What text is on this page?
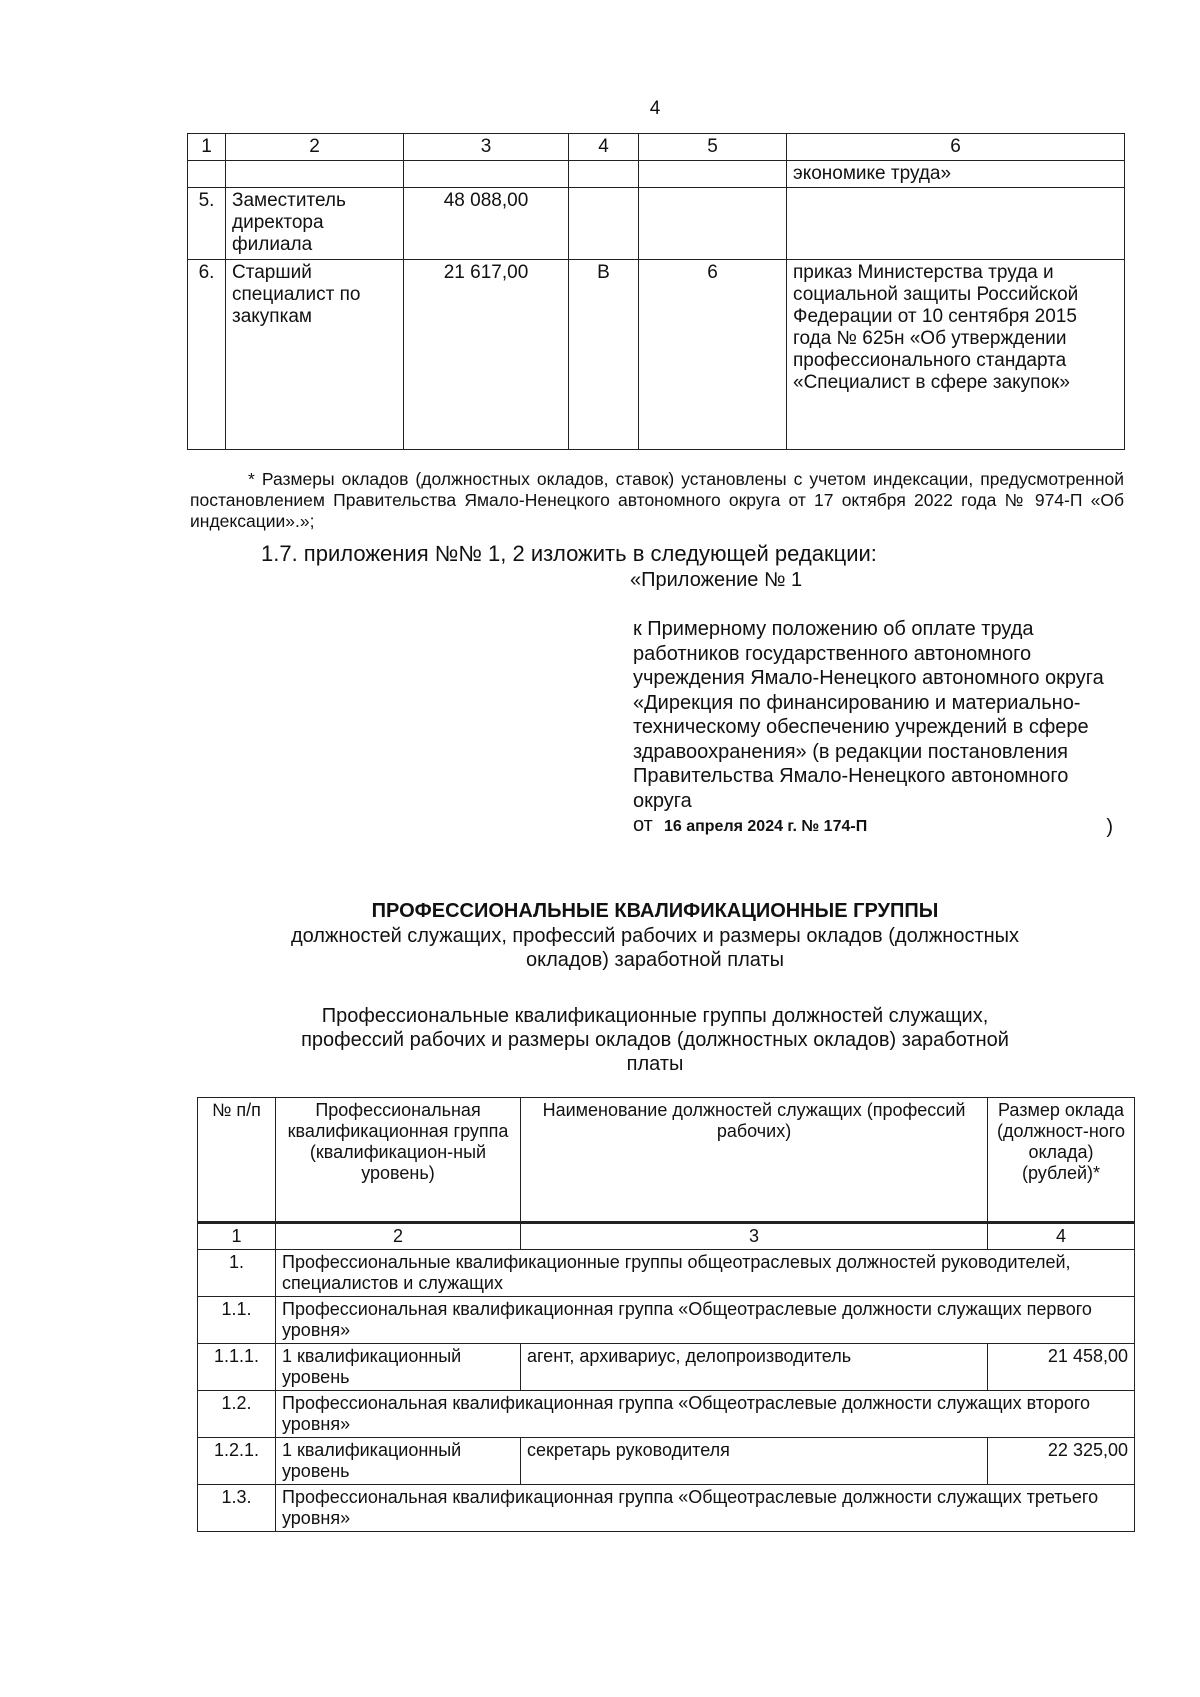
4
1	2	3	4	5	6
					экономике труда»
5.	Заместитель директора филиала	48 088,00			
6.	Старший специалист по закупкам	21 617,00	В	6	приказ Министерства труда и социальной защиты Российской Федерации от 10 сентября 2015 года № 625н «Об утверждении профессионального стандарта «Специалист в сфере закупок»
* Размеры окладов (должностных окладов, ставок) установлены с учетом индексации, предусмотренной постановлением Правительства Ямало-Ненецкого автономного округа от 17 октября 2022 года № 974-П «Об индексации».»;
1.7. приложения №№ 1, 2 изложить в следующей редакции:
«Приложение № 1
к Примерному положению об оплате труда работников государственного автономного учреждения Ямало-Ненецкого автономного округа «Дирекция по финансированию и материально-техническому обеспечению учреждений в сфере здравоохранения» (в редакции постановления Правительства Ямало-Ненецкого автономного округа
от 16 апреля 2024 г. № 174-П	)
ПРОФЕССИОНАЛЬНЫЕ КВАЛИФИКАЦИОННЫЕ ГРУППЫ
должностей служащих, профессий рабочих и размеры окладов (должностных окладов) заработной платы
Профессиональные квалификационные группы должностей служащих, профессий рабочих и размеры окладов (должностных окладов) заработной платы
№ п/п	Профессиональная квалификационная группа (квалификацион-ный уровень)	Наименование должностей служащих (профессий рабочих)	Размер оклада (должност-ного оклада) (рублей)*
1	2	3	4
1.	Профессиональные квалификационные группы общеотраслевых должностей руководителей, специалистов и служащих		
1.1.	Профессиональная квалификационная группа «Общеотраслевые должности служащих первого уровня»		
1.1.1.	1 квалификационный уровень	агент, архивариус, делопроизводитель	21 458,00
1.2.	Профессиональная квалификационная группа «Общеотраслевые должности служащих второго уровня»		
1.2.1.	1 квалификационный уровень	секретарь руководителя	22 325,00
1.3.	Профессиональная квалификационная группа «Общеотраслевые должности служащих третьего уровня»		
